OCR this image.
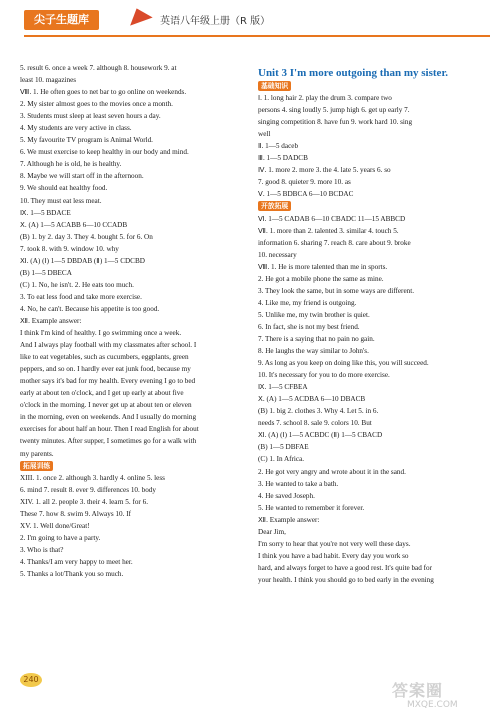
尖子生题库	英语八年级上册（R 版）

5. result 6. once a week 7. although 8. housework 9. at

least 10. magazines

Ⅷ. 1. He often goes to net bar to go online on weekends.

2. My sister almost goes to the movies once a month.

3. Students must sleep at least seven hours a day.

4. My students are very active in class.

5. My favourite TV program is Animal World.

6. We must exercise to keep healthy in our body and mind.

7. Although he is old, he is healthy.

8. Maybe we will start off in the afternoon.

9. We should eat healthy food.

10. They must eat less meat.

Ⅸ. 1—5 BDACE

Ⅹ. (A) 1—5 ACABB 6—10 CCADB

(B) 1. by 2. day 3. They 4. bought 5. for 6. On

7. took 8. with 9. window 10. why

Ⅺ. (A) (Ⅰ) 1—5 DBDAB (Ⅱ) 1—5 CDCBD

(B) 1—5 DBECA

(C) 1. No, he isn't. 2. He eats too much.

3. To eat less food and take more exercise.

4. No, he can't. Because his appetite is too good.

Ⅻ. Example answer:

I think I'm kind of healthy. I go swimming once a week.

And I always play football with my classmates after school. I

like to eat vegetables, such as cucumbers, eggplants, green

peppers, and so on. I hardly ever eat junk food, because my

mother says it's bad for my health. Every evening I go to bed

early at about ten o'clock, and I get up early at about five

o'clock in the morning. I never get up at about ten or eleven

in the morning, even on weekends. And I usually do morning

exercises for about half an hour. Then I read English for about

twenty minutes. After supper, I sometimes go for a walk with

my parents.

拓展训练

XIII. 1. once 2. although 3. hardly 4. online 5. less

6. mind 7. result 8. ever 9. differences 10. body

XIV. 1. all 2. people 3. their 4. learn 5. for 6.

These 7. how 8. swim 9. Always 10. If

XV. 1. Well done/Great!

2. I'm going to have a party.

3. Who is that?

4. Thanks/I am very happy to meet her.

5. Thanks a lot/Thank you so much.

Unit 3 I'm more outgoing than my sister.

基础知识

Ⅰ. 1. long hair 2. play the drum 3. compare two

persons 4. sing loudly 5. jump high 6. get up early 7.

singing competition 8. have fun 9. work hard 10. sing

well

Ⅱ. 1—5 daceb

Ⅲ. 1—5 DADCB

Ⅳ. 1. more 2. more 3. the 4. late 5. years 6. so

7. good 8. quieter 9. more 10. as

Ⅴ. 1—5 BDBCA 6—10 BCDAC

开放拓展

Ⅵ. 1—5 CADAB 6—10 CBADC 11—15 ABBCD

Ⅶ. 1. more than 2. talented 3. similar 4. touch 5.

information 6. sharing 7. reach 8. care about 9. broke

10. necessary

Ⅷ. 1. He is more talented than me in sports.

2. He got a mobile phone the same as mine.

3. They look the same, but in some ways are different.

4. Like me, my friend is outgoing.

5. Unlike me, my twin brother is quiet.

6. In fact, she is not my best friend.

7. There is a saying that no pain no gain.

8. He laughs the way similar to John's.

9. As long as you keep on doing like this, you will succeed.

10. It's necessary for you to do more exercise.

Ⅸ. 1—5 CFBEA

Ⅹ. (A) 1—5 ACDBA 6—10 DBACB

(B) 1. big 2. clothes 3. Why 4. Let 5. in 6.

needs 7. school 8. sale 9. colors 10. But

Ⅺ. (A) (Ⅰ) 1—5 ACBDC (Ⅱ) 1—5 CBACD

(B) 1—5 DBFAE

(C) 1. In Africa.

2. He got very angry and wrote about it in the sand.

3. He wanted to take a bath.

4. He saved Joseph.

5. He wanted to remember it forever.

Ⅻ. Example answer:

Dear Jim,

I'm sorry to hear that you're not very well these days.

I think you have a bad habit. Every day you work so

hard, and always forget to have a good rest. It's quite bad for

your health. I think you should go to bed early in the evening

240
答案圈
MXQE.COM
